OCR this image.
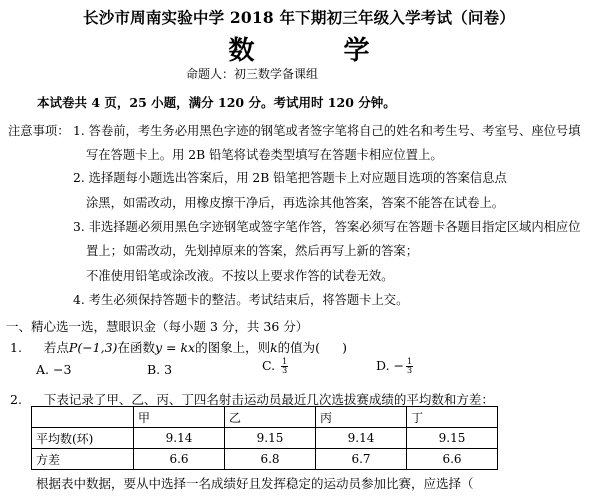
长沙市周南实验中学 2018 年下期初三年级入学考试（问卷）
数 学
命题人：初三数学备课组
本试卷共 4 页，25 小题，满分 120 分。考试用时 120 分钟。
注意事项： 1. 答卷前，考生务必用黑色字迹的钢笔或者签字笔将自己的姓名和考生号、考室号、座位号填
写在答题卡上。用 2B 铅笔将试卷类型填写在答题卡相应位置上。
2. 选择题每小题选出答案后，用 2B 铅笔把答题卡上对应题目选项的答案信息点
涂黑，如需改动，用橡皮擦干净后，再选涂其他答案，答案不能答在试卷上。
3. 非选择题必须用黑色字迹钢笔或签字笔作答，答案必须写在答题卡各题目指定区域内相应位
置上；如需改动，先划掉原来的答案，然后再写上新的答案；
不准使用铅笔或涂改液。不按以上要求作答的试卷无效。
4. 考生必须保持答题卡的整洁。考试结束后，将答题卡上交。
一、精心选一选，慧眼识金（每小题 3 分，共 36 分）
1. 若点P(−1,3)在函数y = kx的图象上，则k的值为( )
A. −3	B. 3	C. $\frac{1}{3}$	D. − $\frac{1}{3}$
2. 下表记录了甲、乙、丙、丁四名射击运动员最近几次选拔赛成绩的平均数和方差：
	甲	乙	丙	丁
平均数(环)	9.14	9.15	9.14	9.15
方差	6.6	6.8	6.7	6.6
根据表中数据，要从中选择一名成绩好且发挥稳定的运动员参加比赛，应选择（
